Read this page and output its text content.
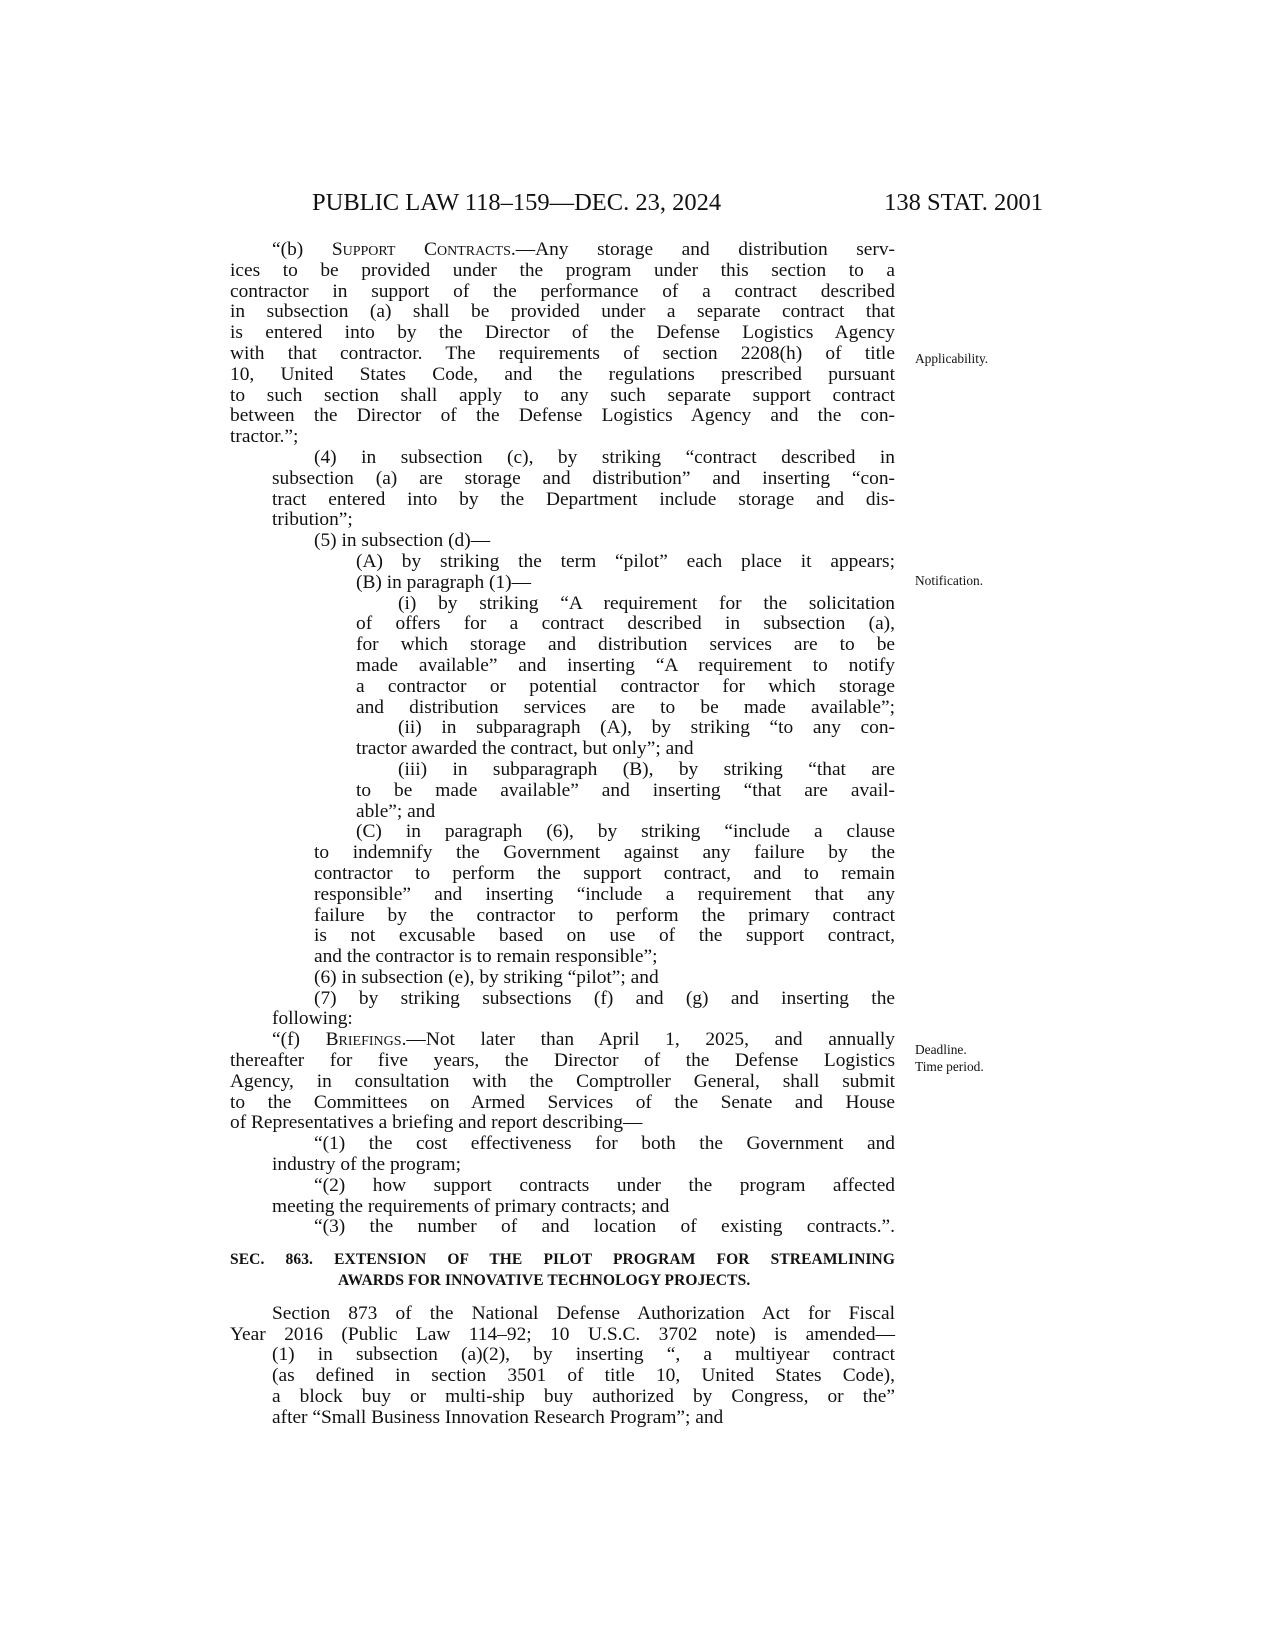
PUBLIC LAW 118–159—DEC. 23, 2024	138 STAT. 2001
“(b) Support Contracts.—Any storage and distribution serv-
ices to be provided under the program under this section to a
contractor in support of the performance of a contract described
in subsection (a) shall be provided under a separate contract that
is entered into by the Director of the Defense Logistics Agency
with that contractor. The requirements of section 2208(h) of title
10, United States Code, and the regulations prescribed pursuant
to such section shall apply to any such separate support contract
between the Director of the Defense Logistics Agency and the con-
tractor.”;
(4) in subsection (c), by striking “contract described in
subsection (a) are storage and distribution” and inserting “con-
tract entered into by the Department include storage and dis-
tribution”;
(5) in subsection (d)—
(A) by striking the term “pilot” each place it appears;
(B) in paragraph (1)—
(i) by striking “A requirement for the solicitation
of offers for a contract described in subsection (a),
for which storage and distribution services are to be
made available” and inserting “A requirement to notify
a contractor or potential contractor for which storage
and distribution services are to be made available”;
(ii) in subparagraph (A), by striking “to any con-
tractor awarded the contract, but only”; and
(iii) in subparagraph (B), by striking “that are
to be made available” and inserting “that are avail-
able”; and
(C) in paragraph (6), by striking “include a clause
to indemnify the Government against any failure by the
contractor to perform the support contract, and to remain
responsible” and inserting “include a requirement that any
failure by the contractor to perform the primary contract
is not excusable based on use of the support contract,
and the contractor is to remain responsible”;
(6) in subsection (e), by striking “pilot”; and
(7) by striking subsections (f) and (g) and inserting the
following:
“(f) Briefings.—Not later than April 1, 2025, and annually
thereafter for five years, the Director of the Defense Logistics
Agency, in consultation with the Comptroller General, shall submit
to the Committees on Armed Services of the Senate and House
of Representatives a briefing and report describing—
“(1) the cost effectiveness for both the Government and
industry of the program;
“(2) how support contracts under the program affected
meeting the requirements of primary contracts; and
“(3) the number of and location of existing contracts.”.
SEC. 863. EXTENSION OF THE PILOT PROGRAM FOR STREAMLINING
AWARDS FOR INNOVATIVE TECHNOLOGY PROJECTS.
Section 873 of the National Defense Authorization Act for Fiscal
Year 2016 (Public Law 114–92; 10 U.S.C. 3702 note) is amended—
(1) in subsection (a)(2), by inserting “, a multiyear contract
(as defined in section 3501 of title 10, United States Code),
a block buy or multi-ship buy authorized by Congress, or the”
after “Small Business Innovation Research Program”; and
Applicability.
Notification.
Deadline.
Time period.
